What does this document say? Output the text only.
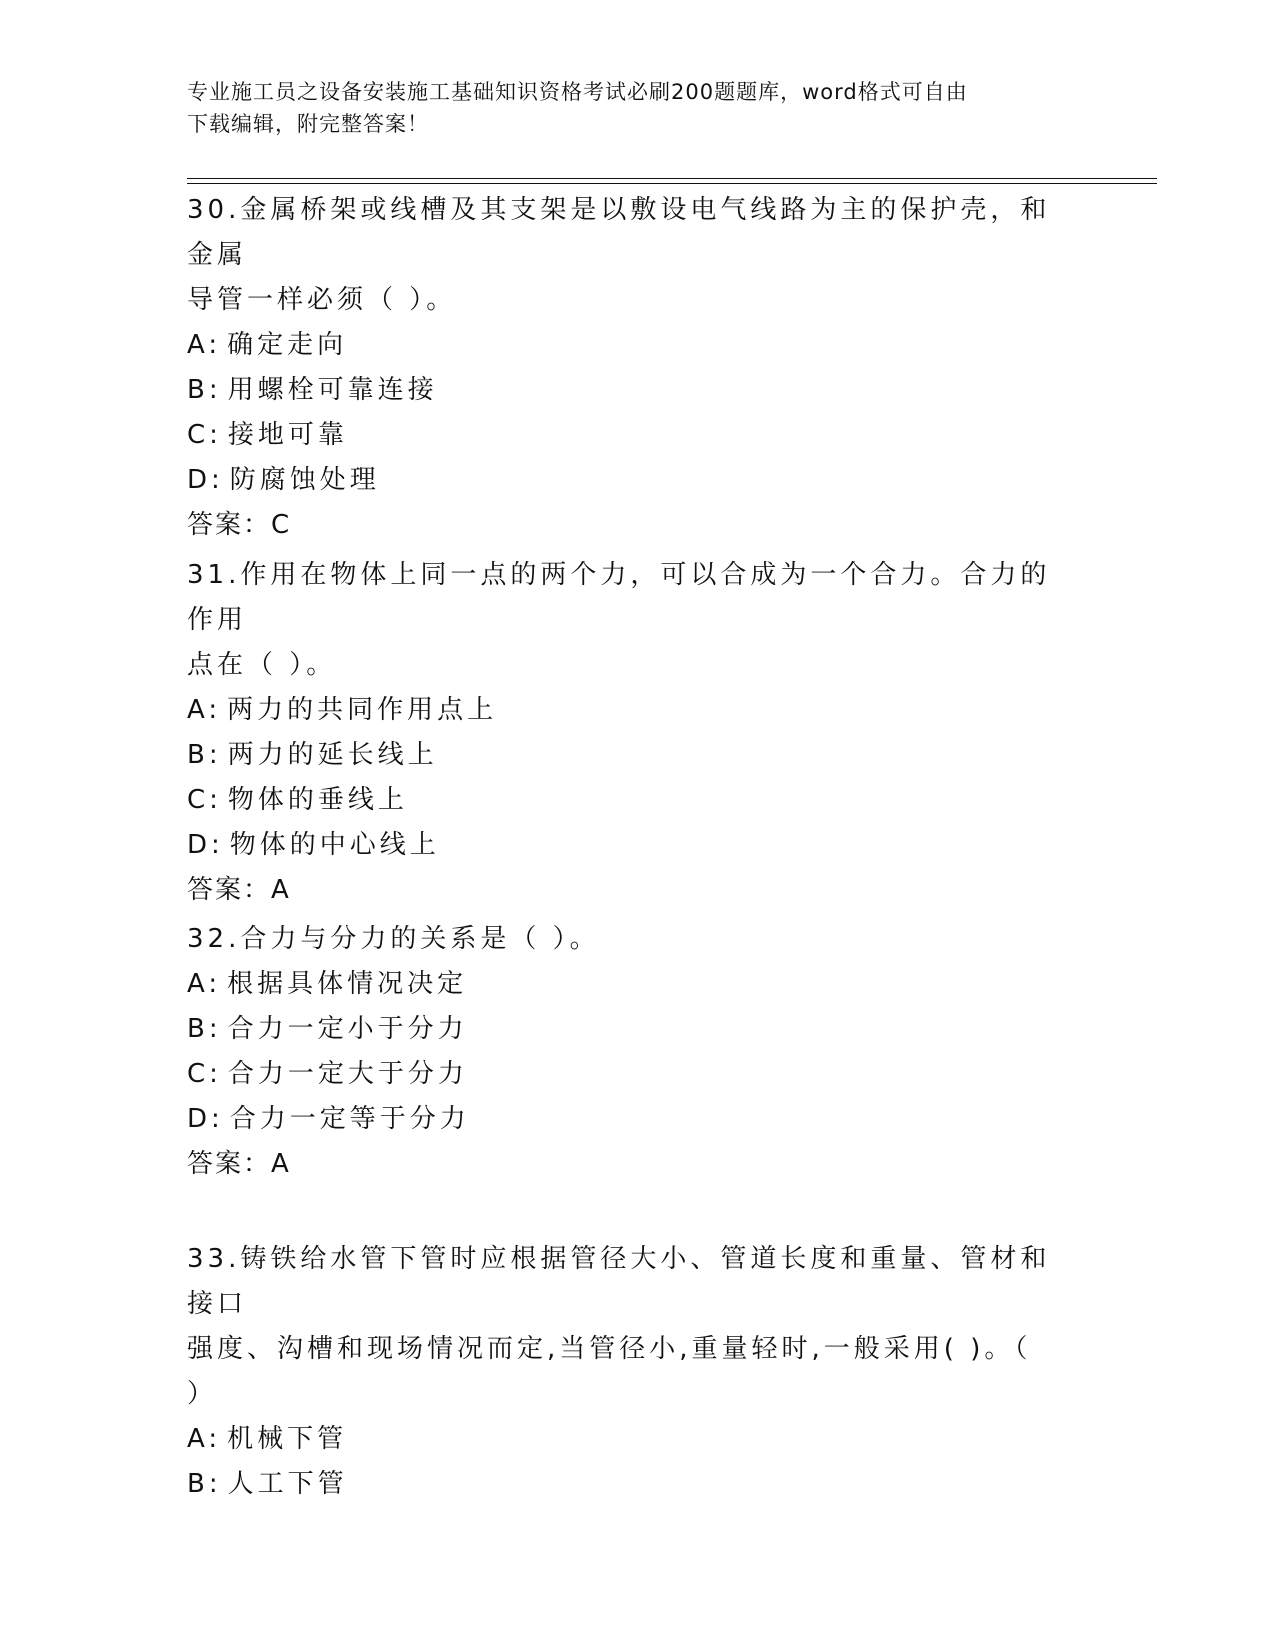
专业施工员之设备安装施工基础知识资格考试必刷200题题库，word格式可自由
下载编辑，附完整答案！
30.金属桥架或线槽及其支架是以敷设电气线路为主的保护壳，和金属
导管一样必须（ ）。
A: 确定走向
B: 用螺栓可靠连接
C: 接地可靠
D: 防腐蚀处理
答案：C
31.作用在物体上同一点的两个力，可以合成为一个合力。合力的作用
点在（ ）。
A: 两力的共同作用点上
B: 两力的延长线上
C: 物体的垂线上
D: 物体的中心线上
答案：A
32.合力与分力的关系是（ ）。
A: 根据具体情况决定
B: 合力一定小于分力
C: 合力一定大于分力
D: 合力一定等于分力
答案：A
33.铸铁给水管下管时应根据管径大小、管道长度和重量、管材和接口
强度、沟槽和现场情况而定,当管径小,重量轻时,一般采用( )。（
）
A: 机械下管
B: 人工下管
